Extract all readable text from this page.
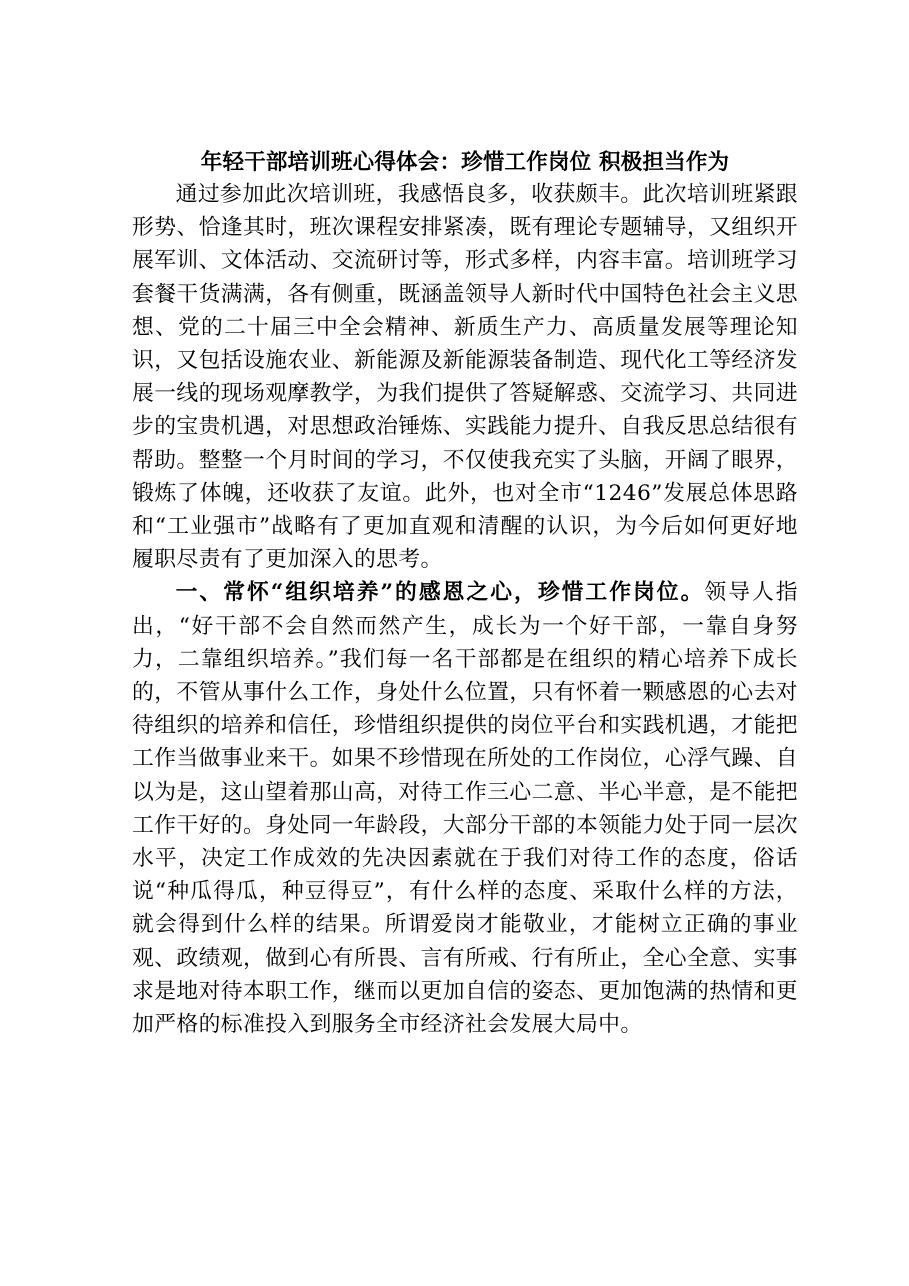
年轻干部培训班心得体会：珍惜工作岗位 积极担当作为

通过参加此次培训班，我感悟良多，收获颇丰。此次培训班紧跟形势、恰逢其时，班次课程安排紧凑，既有理论专题辅导，又组织开展军训、文体活动、交流研讨等，形式多样，内容丰富。培训班学习套餐干货满满，各有侧重，既涵盖领导人新时代中国特色社会主义思想、党的二十届三中全会精神、新质生产力、高质量发展等理论知识，又包括设施农业、新能源及新能源装备制造、现代化工等经济发展一线的现场观摩教学，为我们提供了答疑解惑、交流学习、共同进步的宝贵机遇，对思想政治锤炼、实践能力提升、自我反思总结很有帮助。整整一个月时间的学习，不仅使我充实了头脑，开阔了眼界，锻炼了体魄，还收获了友谊。此外，也对全市“1246”发展总体思路和“工业强市”战略有了更加直观和清醒的认识，为今后如何更好地履职尽责有了更加深入的思考。

一、常怀“组织培养”的感恩之心，珍惜工作岗位。领导人指出，“好干部不会自然而然产生，成长为一个好干部，一靠自身努力，二靠组织培养。”我们每一名干部都是在组织的精心培养下成长的，不管从事什么工作，身处什么位置，只有怀着一颗感恩的心去对待组织的培养和信任，珍惜组织提供的岗位平台和实践机遇，才能把工作当做事业来干。如果不珍惜现在所处的工作岗位，心浮气躁、自以为是，这山望着那山高，对待工作三心二意、半心半意，是不能把工作干好的。身处同一年龄段，大部分干部的本领能力处于同一层次水平，决定工作成效的先决因素就在于我们对待工作的态度，俗话说“种瓜得瓜，种豆得豆”，有什么样的态度、采取什么样的方法，就会得到什么样的结果。所谓爱岗才能敬业，才能树立正确的事业观、政绩观，做到心有所畏、言有所戒、行有所止，全心全意、实事求是地对待本职工作，继而以更加自信的姿态、更加饱满的热情和更加严格的标准投入到服务全市经济社会发展大局中。
